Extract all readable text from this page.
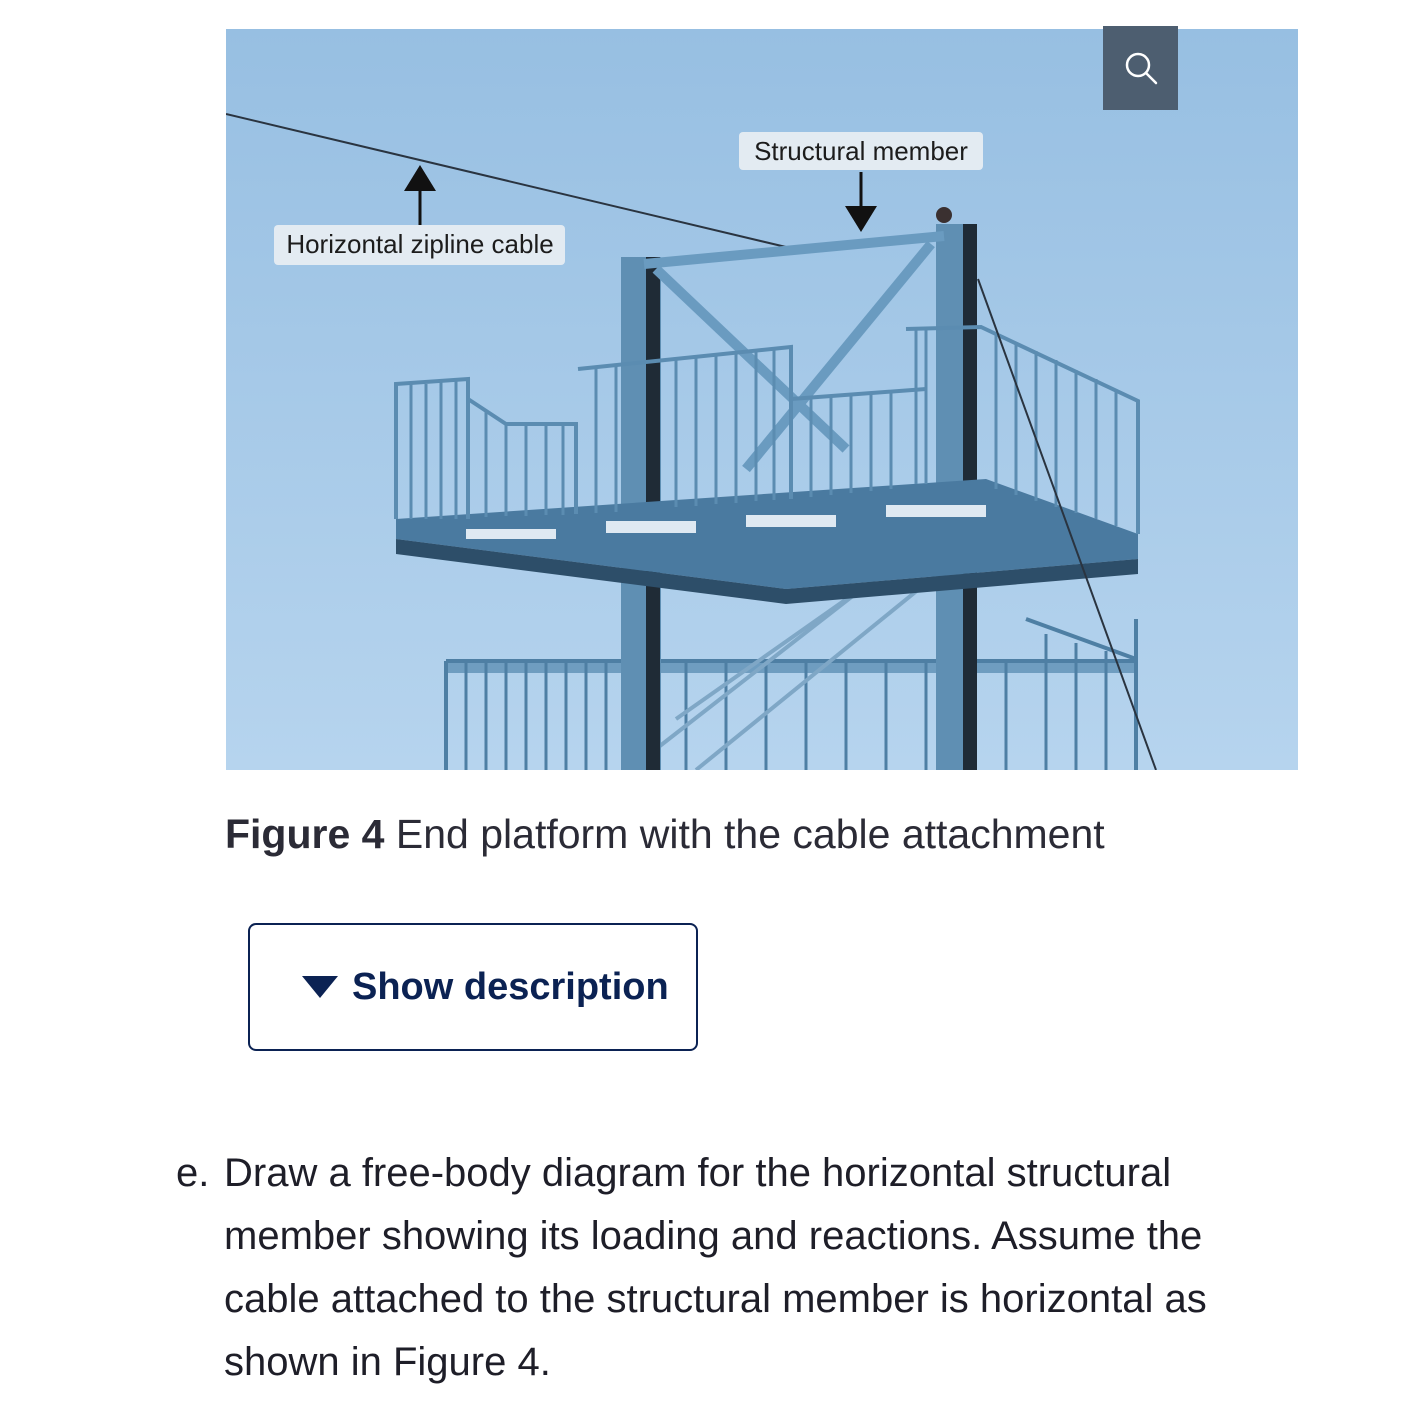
Horizontal zipline cable
Structural member
Figure 4 End platform with the cable attachment
Show description
e. Draw a free-body diagram for the horizontal structural member showing its loading and reactions. Assume the cable attached to the structural member is horizontal as shown in Figure 4.
